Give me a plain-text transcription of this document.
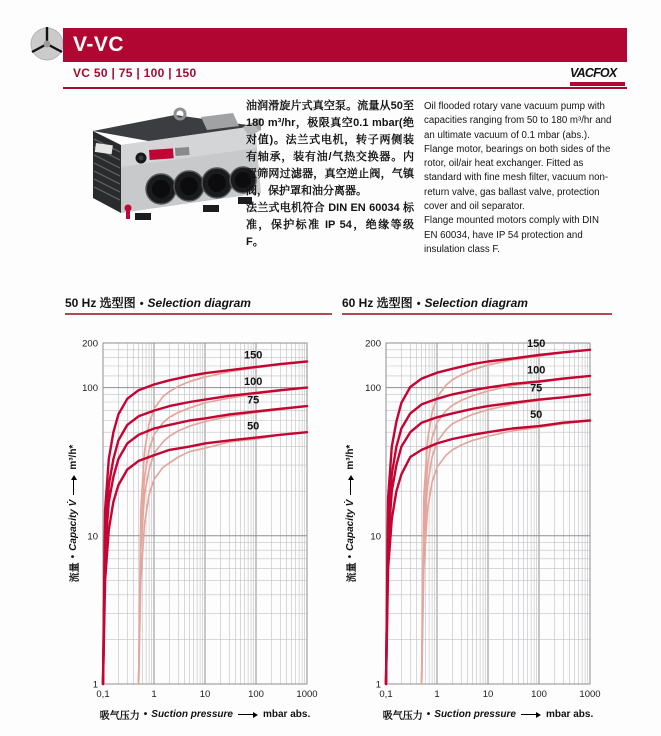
V-VC
VC 50 | 75 | 100 | 150	VACFOX

油润滑旋片式真空泵。流量从50至180 m³/hr，极限真空0.1 mbar(绝对值)。法兰式电机，转子两侧装有轴承，装有油/气热交换器。内置筛网过滤器，真空逆止阀，气镇阀，保护罩和油分离器。

法兰式电机符合 DIN EN 60034 标准，保护标准 IP 54，绝缘等级 F。

Oil flooded rotary vane vacuum pump with capacities ranging from 50 to 180 m³/hr and an ultimate vacuum of 0.1 mbar (abs.). Flange motor, bearings on both sides of the rotor, oil/air heat exchanger. Fitted as standard with fine mesh filter, vacuum non-return valve, gas ballast valve, protection cover and oil separator.

Flange mounted motors comply with DIN EN 60034, have IP 54 protection and insulation class F.

50 Hz 选型图 • Selection diagram	60 Hz 选型图 • Selection diagram
150
100
75
50
0,1	1	10	100	1000
1
10
100
200	150
100
75
50
0,1	1	10	100	1000
1
10
100
200
流量
•
Capacity V̇
m³/h*
流量
•
Capacity V̇
m³/h*
吸气压力 • Suction pressure	mbar abs.	吸气压力 • Suction pressure	mbar abs.
